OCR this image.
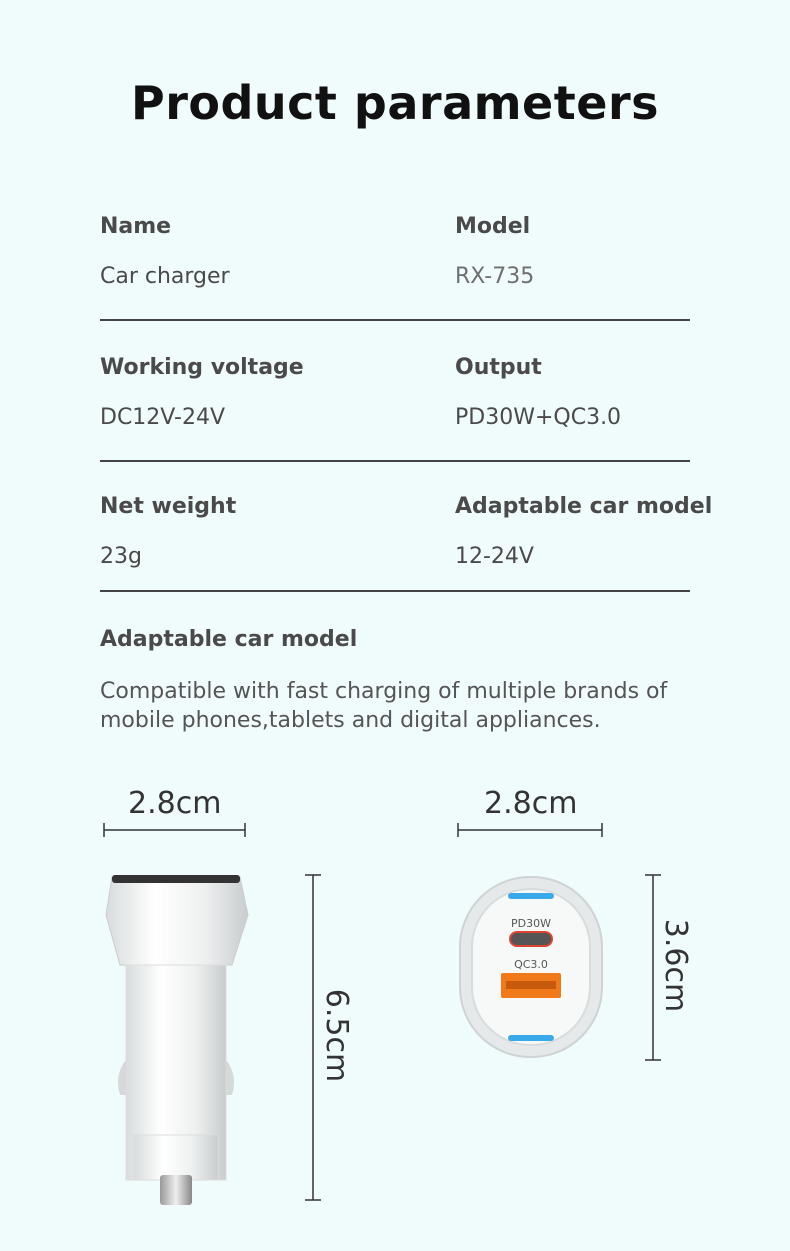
Product parameters
Name
Car charger
Model
RX-735
Working voltage
DC12V-24V
Output
PD30W+QC3.0
Net weight
23g
Adaptable car model
12-24V
Adaptable car model
Compatible with fast charging of multiple brands of mobile phones,tablets and digital appliances.
2.8cm	2.8cm
6.5cm
3.6cm
PD30W
QC3.0
